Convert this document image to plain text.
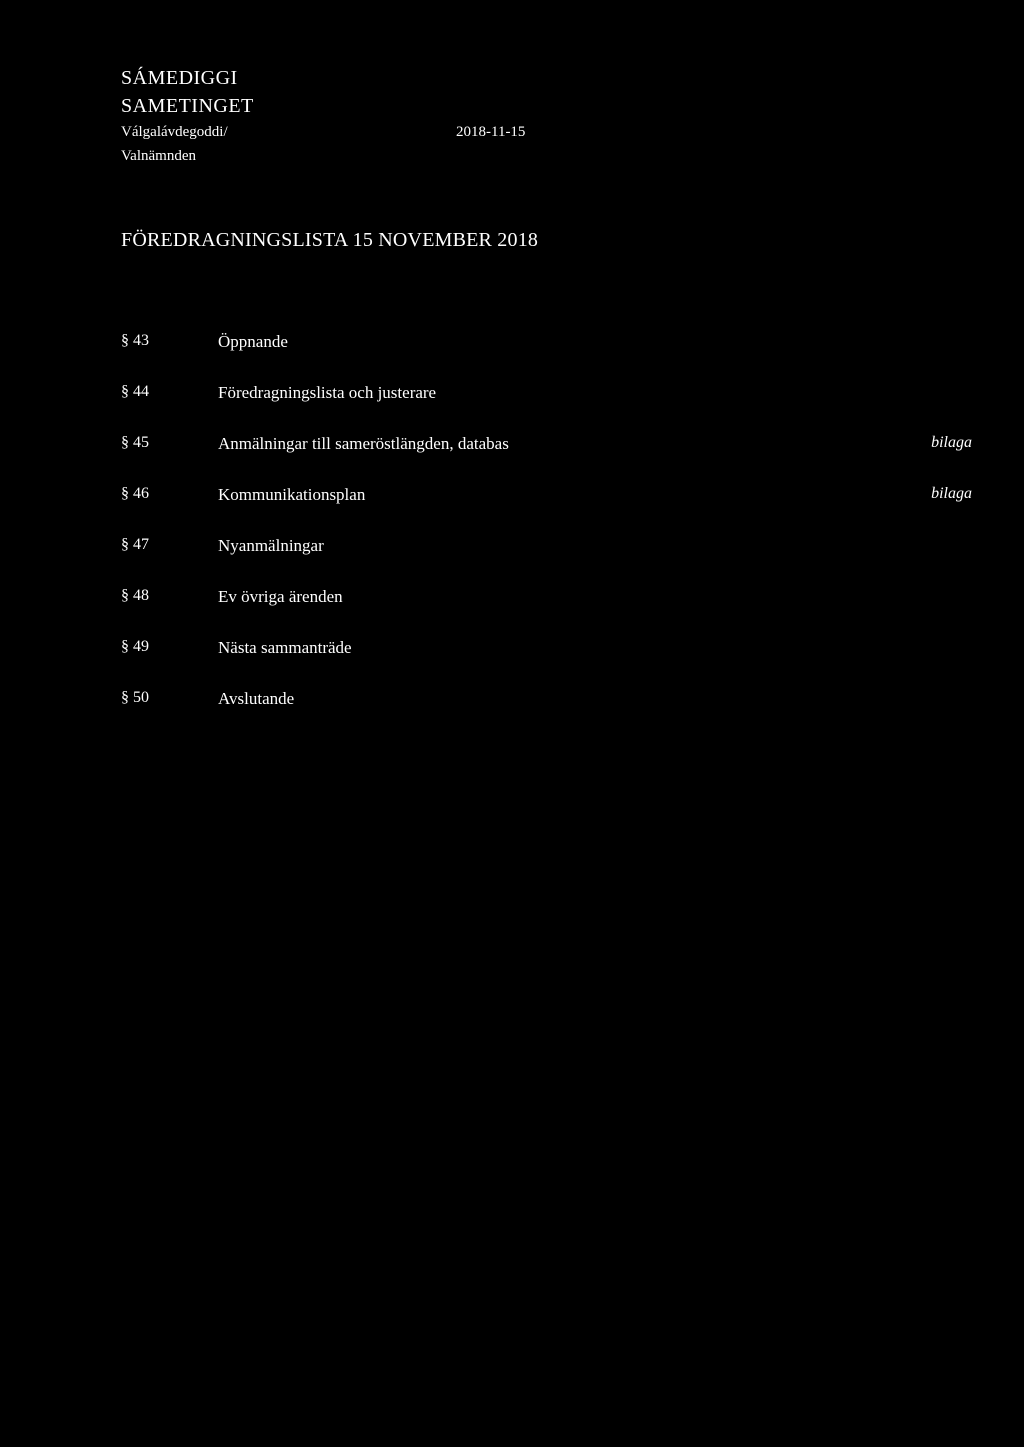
SÁMEDIGGI
SAMETINGET
Válgalávdegoddi/
Valnämnden
2018-11-15
FÖREDRAGNINGSLISTA 15 NOVEMBER 2018
§ 43	Öppnande
§ 44	Föredragningslista och justerare
§ 45	Anmälningar till sameröstlängden, databas	bilaga
§ 46	Kommunikationsplan	bilaga
§ 47	Nyanmälningar
§ 48	Ev övriga ärenden
§ 49	Nästa sammanträde
§ 50	Avslutande
